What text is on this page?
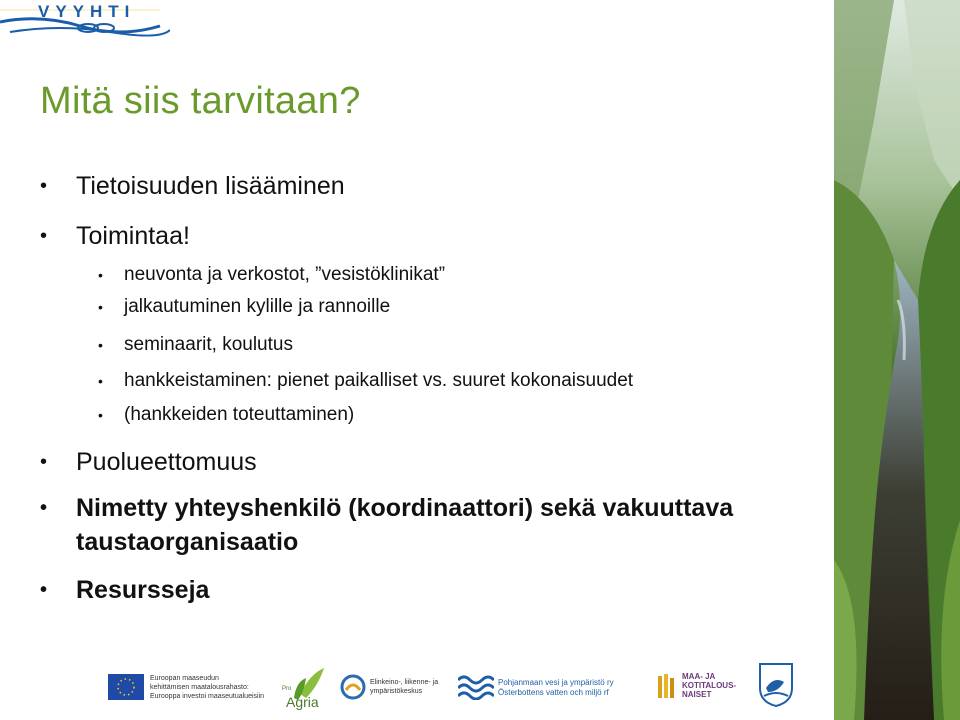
VYYHTI
Mitä siis tarvitaan?
• Tietoisuuden lisääminen
• Toimintaa!
• neuvonta ja verkostot, ”vesistöklinikat”
• jalkautuminen kylille ja rannoille
• seminaarit, koulutus
• hankkeistaminen: pienet paikalliset vs. suuret kokonaisuudet
• (hankkeiden toteuttaminen)
• Puolueettomuus
• Nimetty yhteyshenkilö (koordinaattori) sekä vakuuttava
taustaorganisaatio
• Resursseja
Euroopan maaseudun
kehittämisen maatalousrahasto:
Eurooppa investoi maaseutualueisiin	Agria
Pro
Elinkeino-, liikenne- ja
ympäristökeskus
Pohjanmaan vesi ja ympäristö ry
Österbottens vatten och miljö rf
MAA- JA
KOTITALOUS-
NAISET
